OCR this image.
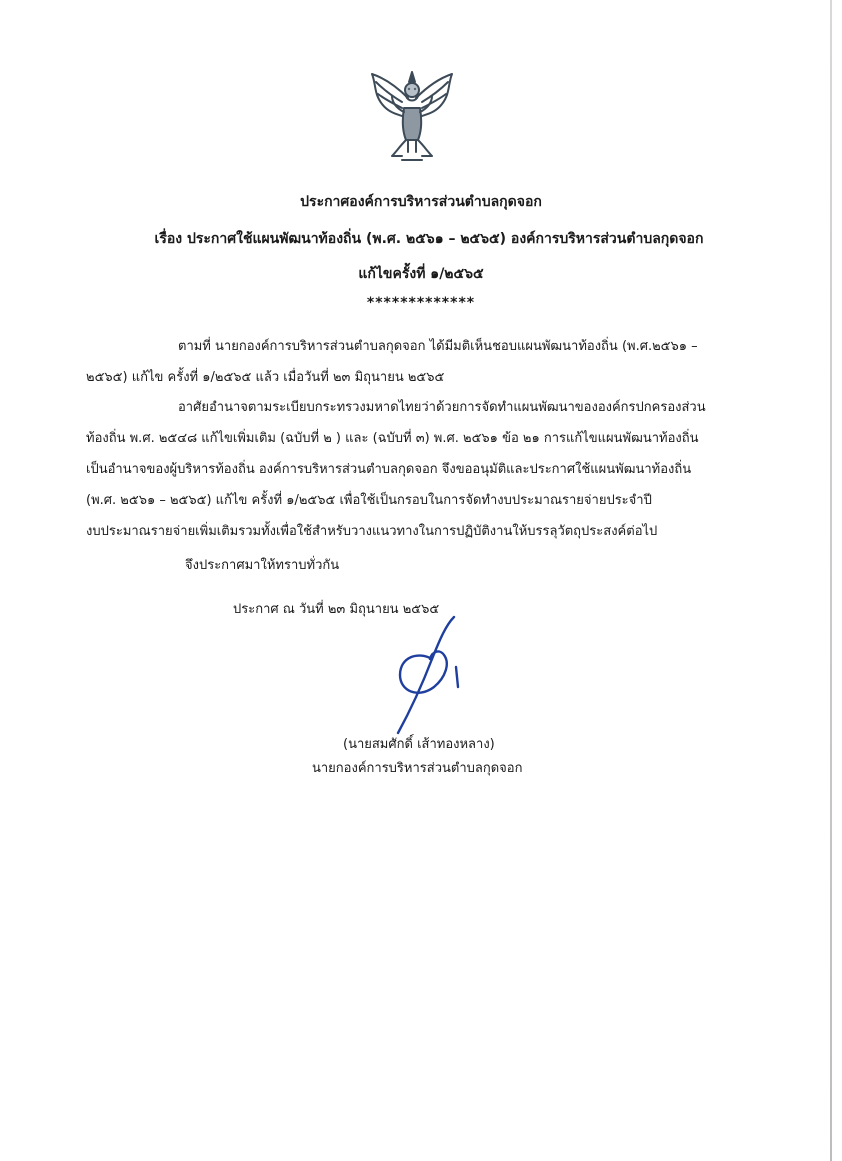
ประกาศองค์การบริหารส่วนตำบลกุดจอก
เรื่อง ประกาศใช้แผนพัฒนาท้องถิ่น (พ.ศ. ๒๕๖๑ – ๒๕๖๕) องค์การบริหารส่วนตำบลกุดจอก
แก้ไขครั้งที่ ๑/๒๕๖๕
*************
ตามที่ นายกองค์การบริหารส่วนตำบลกุดจอก ได้มีมติเห็นชอบแผนพัฒนาท้องถิ่น (พ.ศ.๒๕๖๑ –
๒๕๖๕) แก้ไข ครั้งที่ ๑/๒๕๖๕ แล้ว เมื่อวันที่ ๒๓ มิถุนายน ๒๕๖๕
อาศัยอำนาจตามระเบียบกระทรวงมหาดไทยว่าด้วยการจัดทำแผนพัฒนาขององค์กรปกครองส่วน
ท้องถิ่น พ.ศ. ๒๕๔๘ แก้ไขเพิ่มเติม (ฉบับที่ ๒ ) และ (ฉบับที่ ๓) พ.ศ. ๒๕๖๑ ข้อ ๒๑ การแก้ไขแผนพัฒนาท้องถิ่น
เป็นอำนาจของผู้บริหารท้องถิ่น องค์การบริหารส่วนตำบลกุดจอก จึงขออนุมัติและประกาศใช้แผนพัฒนาท้องถิ่น
(พ.ศ. ๒๕๖๑ – ๒๕๖๕) แก้ไข ครั้งที่ ๑/๒๕๖๕ เพื่อใช้เป็นกรอบในการจัดทำงบประมาณรายจ่ายประจำปี
งบประมาณรายจ่ายเพิ่มเติมรวมทั้งเพื่อใช้สำหรับวางแนวทางในการปฏิบัติงานให้บรรลุวัตถุประสงค์ต่อไป
จึงประกาศมาให้ทราบทั่วกัน
ประกาศ ณ วันที่ ๒๓ มิถุนายน ๒๕๖๕
(นายสมศักดิ์ เส้าทองหลาง)
นายกองค์การบริหารส่วนตำบลกุดจอก
